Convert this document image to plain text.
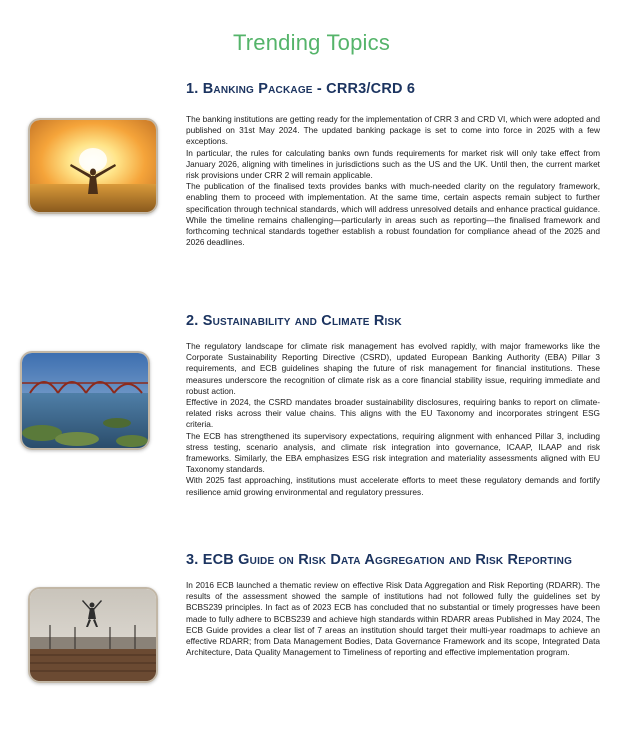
Trending Topics
1. Banking Package - CRR3/CRD 6

The banking institutions are getting ready for the implementation of CRR 3 and CRD VI, which were adopted and published on 31st May 2024. The updated banking package is set to come into force in 2025 with a few exceptions.

In particular, the rules for calculating banks own funds requirements for market risk will only take effect from January 2026, aligning with timelines in jurisdictions such as the US and the UK. Until then, the current market risk provisions under CRR 2 will remain applicable.

The publication of the finalised texts provides banks with much-needed clarity on the regulatory framework, enabling them to proceed with implementation. At the same time, certain aspects remain subject to further specification through technical standards, which will address unresolved details and enhance practical guidance. While the timeline remains challenging—particularly in areas such as reporting—the finalised framework and forthcoming technical standards together establish a robust foundation for compliance ahead of the 2025 and 2026 deadlines.

2. Sustainability and Climate Risk

The regulatory landscape for climate risk management has evolved rapidly, with major frameworks like the Corporate Sustainability Reporting Directive (CSRD), updated European Banking Authority (EBA) Pillar 3 requirements, and ECB guidelines shaping the future of risk management for financial institutions. These measures underscore the recognition of climate risk as a core financial stability issue, requiring immediate and robust action.

Effective in 2024, the CSRD mandates broader sustainability disclosures, requiring banks to report on climate-related risks across their value chains. This aligns with the EU Taxonomy and incorporates stringent ESG criteria.

The ECB has strengthened its supervisory expectations, requiring alignment with enhanced Pillar 3, including stress testing, scenario analysis, and climate risk integration into governance, ICAAP, ILAAP and risk frameworks. Similarly, the EBA emphasizes ESG risk integration and materiality assessments aligned with EU Taxonomy standards.

With 2025 fast approaching, institutions must accelerate efforts to meet these regulatory demands and fortify resilience amid growing environmental and regulatory pressures.

3. ECB Guide on Risk Data Aggregation and Risk Reporting

In 2016 ECB launched a thematic review on effective Risk Data Aggregation and Risk Reporting (RDARR). The results of the assessment showed the sample of institutions had not followed fully the guidelines set by BCBS239 principles. In fact as of 2023 ECB has concluded that no substantial or timely progresses have been made to fully adhere to BCBS239 and achieve high standards within RDARR areas Published in May 2024, The ECB Guide provides a clear list of 7 areas an institution should target their multi-year roadmaps to achieve an effective RDARR; from Data Management Bodies, Data Governance Framework and its scope, Integrated Data Architecture, Data Quality Management to Timeliness of reporting and effective implementation program.
